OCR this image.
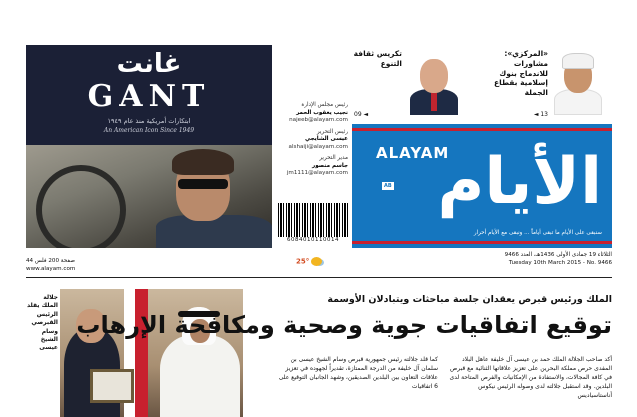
غانت
GANT
ابتكارات أمريكية منذ عام ١٩٤٩
An American Icon Since 1949
رئيس مجلس الإدارة
نجيب يعقوب الحمر
najeeb@alayam.com
رئيس التحرير
عيسى الشايجي
alshaiji@alayam.com
مدير التحرير
جاسم منصور
jm1111@alayam.com
6084010110014
«المركزي»: مشاورات للاندماج بنوك إسلامية بقطاع الجملة
◄ 13
تكريس ثقافة التنوع
09 ◄
ALAYAM
AB الأيام
سنبقى على الأيام ما تبقى أياماً ... ونبقى مع الأيام أحرار
44 صفحة 200 فلس
www.alayam.com
25°
الثلاثاء 19 جمادى الأولى 1436هـ، العدد 9466
Tuesday 10th March 2015 - No. 9466
جلالة الملك يقلد الرئيس القبرصي وسام الشيخ عيسى
الملك ورئيس قبرص يعقدان جلسة مباحثات ويتبادلان الأوسمة
توقيع اتفاقيات جوية وصحية ومكافحة الإرهاب
أكد صاحب الجلالة الملك حمد بن عيسى آل خليفة عاهل البلاد المفدى حرص مملكة البحرين على تعزيز علاقاتها الثنائية مع قبرص في كافة المجالات، والاستفادة من الإمكانيات والفرص المتاحة لدى البلدين. وقد استقبل جلالته لدى وصوله الرئيس نيكوس أناستاسياديس
كما قلد جلالته رئيس جمهورية قبرص وسام الشيخ عيسى بن سلمان آل خليفة من الدرجة الممتازة، تقديراً لجهوده في تعزيز علاقات التعاون بين البلدين الصديقين، وشهد الجانبان التوقيع على 6 اتفاقيات
